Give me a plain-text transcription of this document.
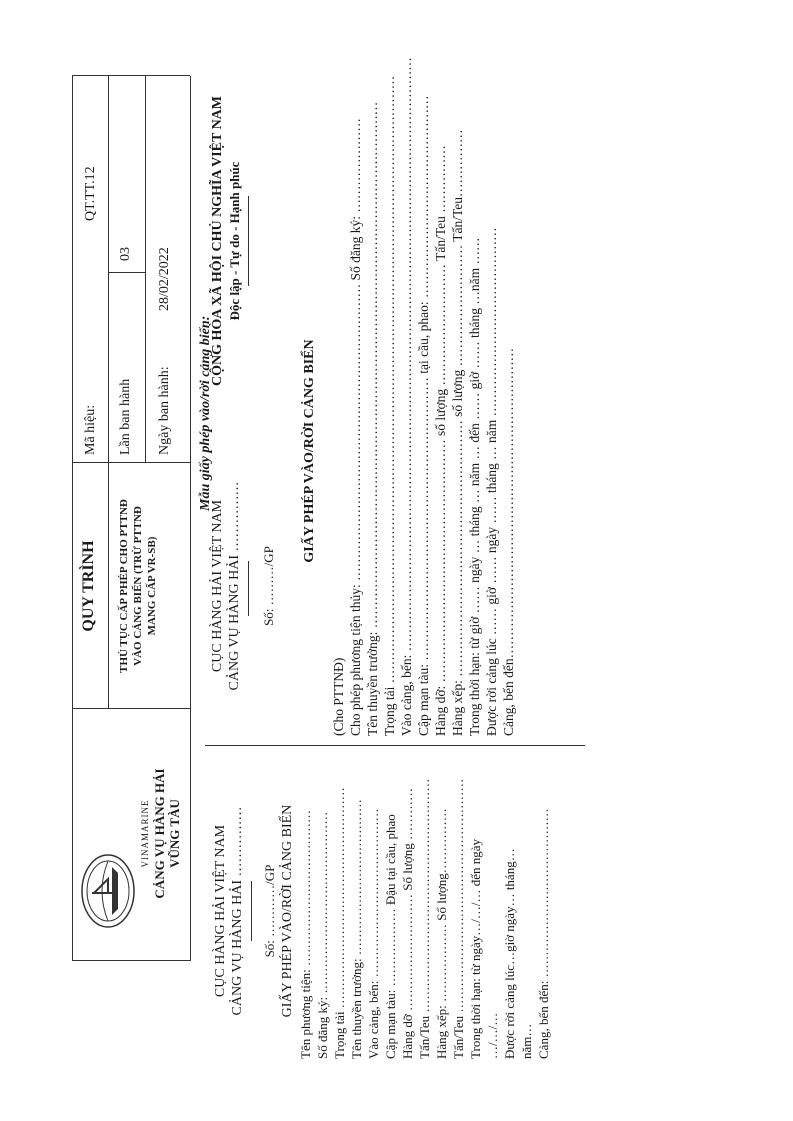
VINAMARINE CẢNG VỤ HÀNG HẢI VŨNG TÀU
QUY TRÌNH THỦ TỤC CẤP PHÉP CHO PTTNĐ VÀO CẢNG BIỂN (TRỪ PTTNĐ MANG CẤP VR-SB)
Mã hiệu:
QT.TT.12
Lần ban hành
03
Ngày ban hành:
28/02/2022
Mẫu giấy phép vào/rời cảng biển:
CỤC HÀNG HẢI VIỆT NAM CẢNG VỤ HÀNG HẢI …………… Số: …………/GP GIẤY PHÉP VÀO/RỜI CẢNG BIỂN Tên phương tiện: ……………………………… Số đăng ký: …………………………………… Trọng tải …………………………………………… Tên thuyền trưởng: ……………………………… Vào cảng, bến: ………………………………… Cập mạn tàu: ……………… Đậu tại cầu, phao Hàng dỡ ……………………… Số lượng ………… Tấn/Teu ……………………………………………… Hàng xếp: ……………… Số lượng…………… Tấn/Teu ……………………………………………… Trong thời hạn: từ ngày…/…/… đến ngày …/…/… Được rời cảng lúc…giờ ngày… tháng… năm… Cảng, bến đến: …………………………………
CỤC HÀNG HẢI VIỆT NAM CẢNG VỤ HÀNG HẢI …………… Số: ………/GP
CỘNG HÒA XÃ HỘI CHỦ NGHĨA VIỆT NAM Độc lập - Tự do - Hạnh phúc
GIẤY PHÉP VÀO/RỜI CẢNG BIỂN
(Cho PTTNĐ) Cho phép phương tiện thủy: ………………………………………………………… Số đăng ký: ………………… Tên thuyền trưởng: ……………………………………………………………………………………………………… Trọng tải ……………………………………………………………………………………………………………………… Vào cảng, bến: …………………………………………………………………………………………………………………… Cập mạn tàu: ……………………………………………………… tại cầu, phao: ……………………………………… Hàng dỡ: ……………………………………………… số lượng ……………………… Tấn/Teu …………… Hàng xếp: ………………………………………………… số lượng ……………………… Tấn/Teu…………… Trong thời hạn: từ giờ …… ngày … tháng … năm … đến …… giờ …… tháng …năm …… Được rời cảng lúc …… giờ …… ngày …… tháng … năm …………………………………… Cảng, bến đến……………………………………………………………
